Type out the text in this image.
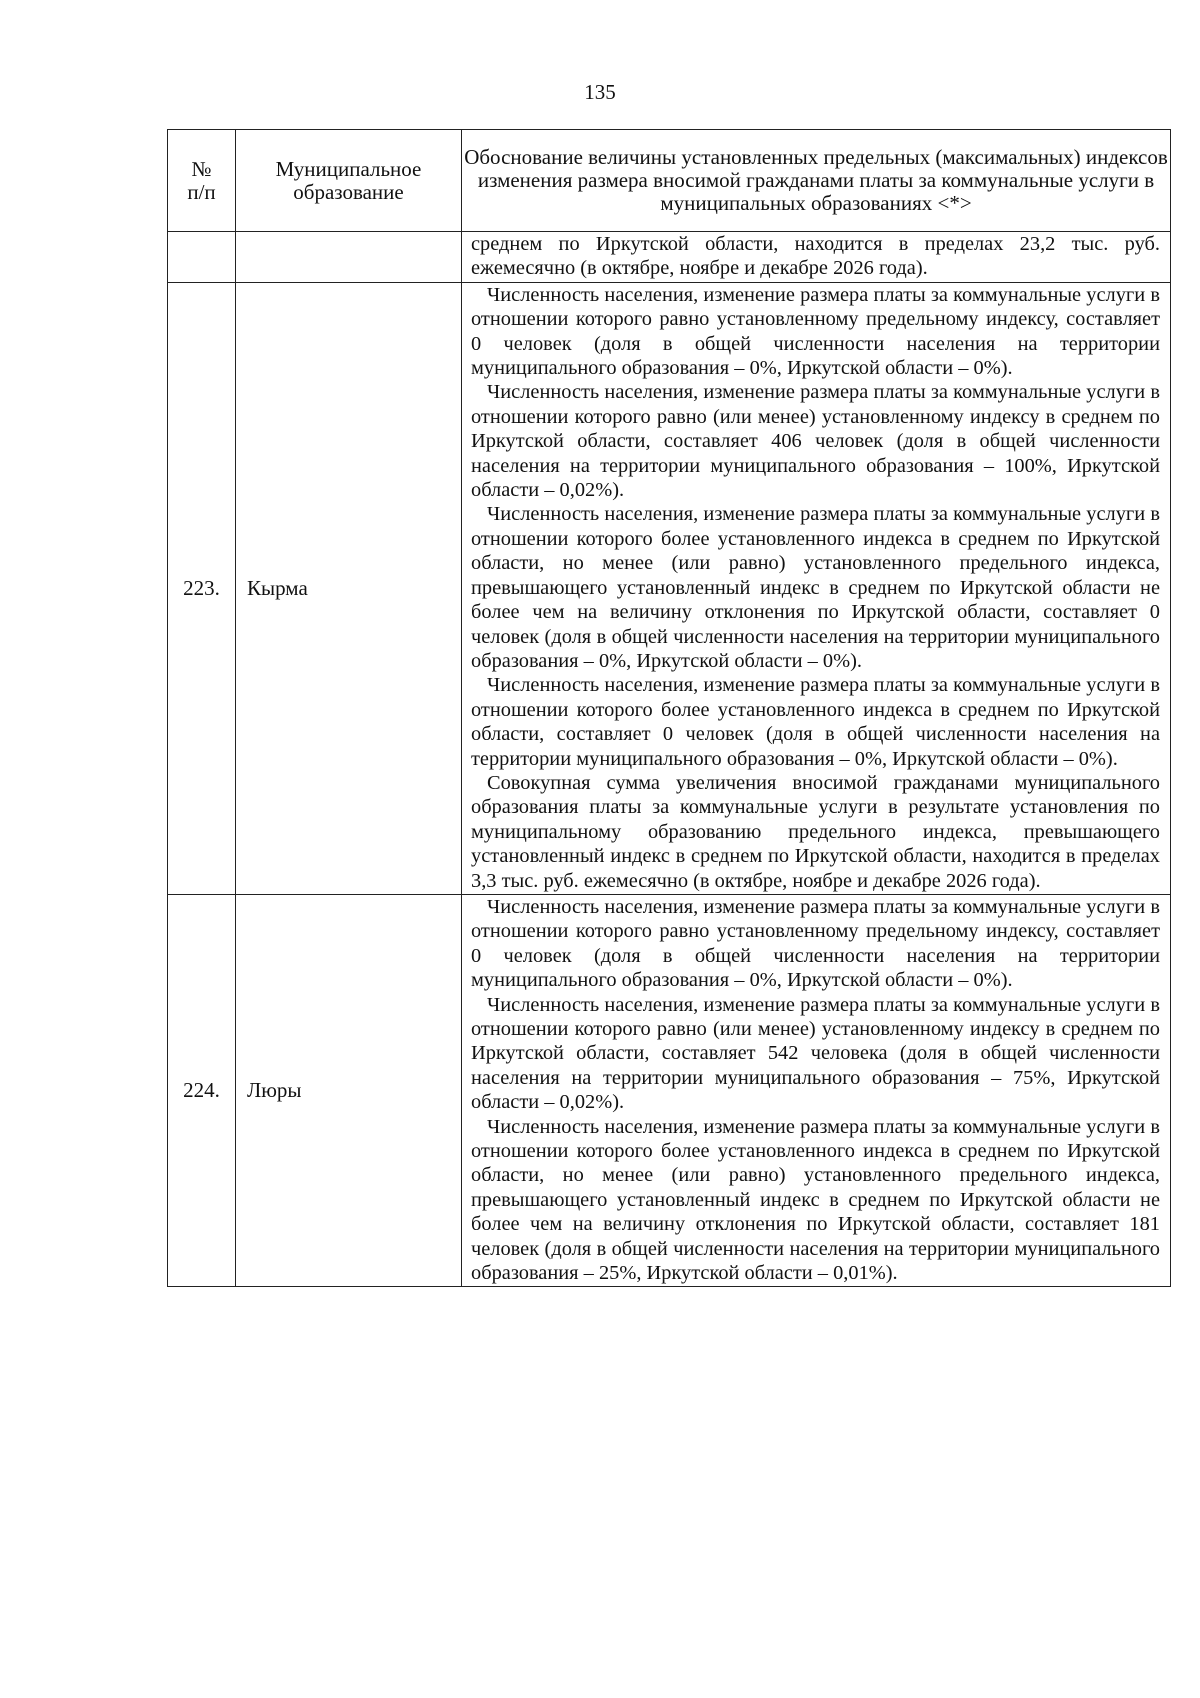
135
№ п/п	Муниципальное образование	Обоснование величины установленных предельных (максимальных) индексов изменения размера вносимой гражданами платы за коммунальные услуги в муниципальных образованиях <*>

		среднем по Иркутской области, находится в пределах 23,2 тыс. руб. ежемесячно (в октябре, ноябре и декабре 2026 года).

223.	Кырма	Численность населения, изменение размера платы за коммунальные услуги в отношении которого равно установленному предельному индексу, составляет 0 человек (доля в общей численности населения на территории муниципального образования – 0%, Иркутской области – 0%).

Численность населения, изменение размера платы за коммунальные услуги в отношении которого равно (или менее) установленному индексу в среднем по Иркутской области, составляет 406 человек (доля в общей численности населения на территории муниципального образования – 100%, Иркутской области – 0,02%).

Численность населения, изменение размера платы за коммунальные услуги в отношении которого более установленного индекса в среднем по Иркутской области, но менее (или равно) установленного предельного индекса, превышающего установленный индекс в среднем по Иркутской области не более чем на величину отклонения по Иркутской области, составляет 0 человек (доля в общей численности населения на территории муниципального образования – 0%, Иркутской области – 0%).

Численность населения, изменение размера платы за коммунальные услуги в отношении которого более установленного индекса в среднем по Иркутской области, составляет 0 человек (доля в общей численности населения на территории муниципального образования – 0%, Иркутской области – 0%).

Совокупная сумма увеличения вносимой гражданами муниципального образования платы за коммунальные услуги в результате установления по муниципальному образованию предельного индекса, превышающего установленный индекс в среднем по Иркутской области, находится в пределах 3,3 тыс. руб. ежемесячно (в октябре, ноябре и декабре 2026 года).

224.	Люры	Численность населения, изменение размера платы за коммунальные услуги в отношении которого равно установленному предельному индексу, составляет 0 человек (доля в общей численности населения на территории муниципального образования – 0%, Иркутской области – 0%).

Численность населения, изменение размера платы за коммунальные услуги в отношении которого равно (или менее) установленному индексу в среднем по Иркутской области, составляет 542 человека (доля в общей численности населения на территории муниципального образования – 75%, Иркутской области – 0,02%).

Численность населения, изменение размера платы за коммунальные услуги в отношении которого более установленного индекса в среднем по Иркутской области, но менее (или равно) установленного предельного индекса, превышающего установленный индекс в среднем по Иркутской области не более чем на величину отклонения по Иркутской области, составляет 181 человек (доля в общей численности населения на территории муниципального образования – 25%, Иркутской области – 0,01%).
